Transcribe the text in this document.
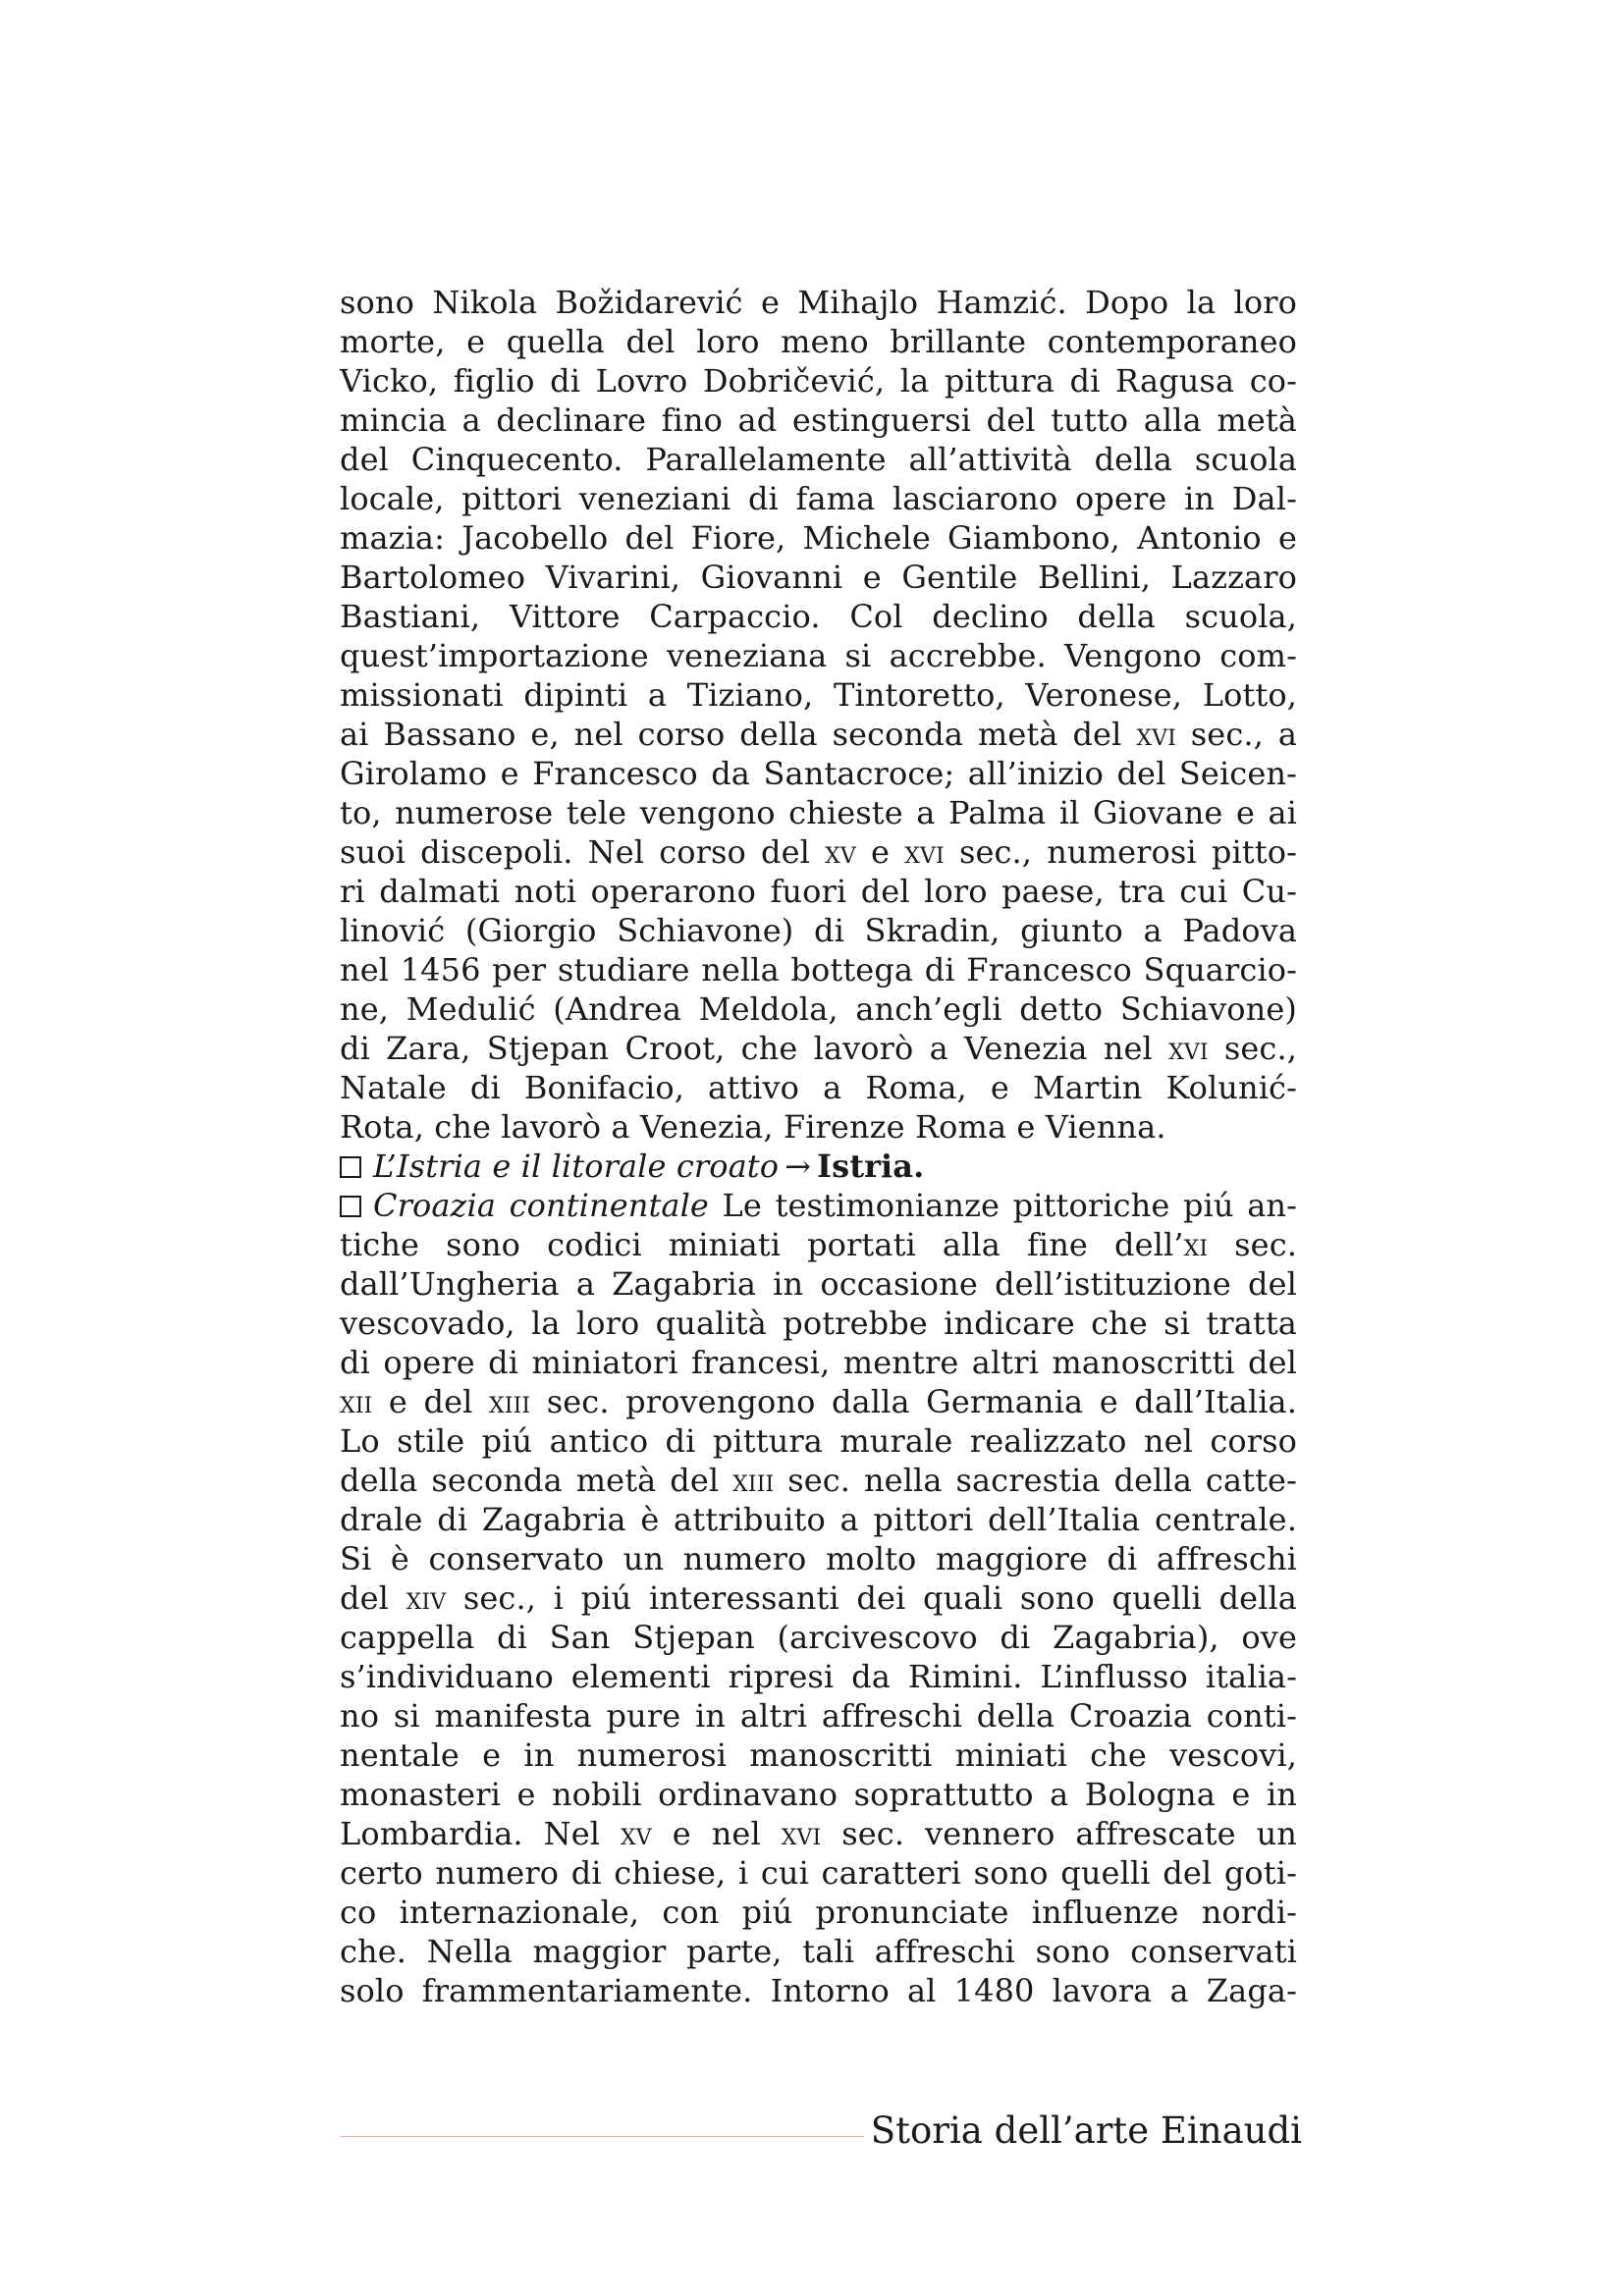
sono Nikola Božidarević e Mihajlo Hamzić. Dopo la loro
morte, e quella del loro meno brillante contemporaneo
Vicko, figlio di Lovro Dobričević, la pittura di Ragusa co-
mincia a declinare fino ad estinguersi del tutto alla metà
del Cinquecento. Parallelamente all’attività della scuola
locale, pittori veneziani di fama lasciarono opere in Dal-
mazia: Jacobello del Fiore, Michele Giambono, Antonio e
Bartolomeo Vivarini, Giovanni e Gentile Bellini, Lazzaro
Bastiani, Vittore Carpaccio. Col declino della scuola,
quest’importazione veneziana si accrebbe. Vengono com-
missionati dipinti a Tiziano, Tintoretto, Veronese, Lotto,
ai Bassano e, nel corso della seconda metà del xvi sec., a
Girolamo e Francesco da Santacroce; all’inizio del Seicen-
to, numerose tele vengono chieste a Palma il Giovane e ai
suoi discepoli. Nel corso del xv e xvi sec., numerosi pitto-
ri dalmati noti operarono fuori del loro paese, tra cui Cu-
linović (Giorgio Schiavone) di Skradin, giunto a Padova
nel 1456 per studiare nella bottega di Francesco Squarcio-
ne, Medulić (Andrea Meldola, anch’egli detto Schiavone)
di Zara, Stjepan Croot, che lavorò a Venezia nel xvi sec.,
Natale di Bonifacio, attivo a Roma, e Martin Kolunić-
Rota, che lavorò a Venezia, Firenze Roma e Vienna.
L’Istria e il litorale croato → Istria.
Croazia continentale Le testimonianze pittoriche piú an-
tiche sono codici miniati portati alla fine dell’xi sec.
dall’Ungheria a Zagabria in occasione dell’istituzione del
vescovado, la loro qualità potrebbe indicare che si tratta
di opere di miniatori francesi, mentre altri manoscritti del
xii e del xiii sec. provengono dalla Germania e dall’Italia.
Lo stile piú antico di pittura murale realizzato nel corso
della seconda metà del xiii sec. nella sacrestia della catte-
drale di Zagabria è attribuito a pittori dell’Italia centrale.
Si è conservato un numero molto maggiore di affreschi
del xiv sec., i piú interessanti dei quali sono quelli della
cappella di San Stjepan (arcivescovo di Zagabria), ove
s’individuano elementi ripresi da Rimini. L’influsso italia-
no si manifesta pure in altri affreschi della Croazia conti-
nentale e in numerosi manoscritti miniati che vescovi,
monasteri e nobili ordinavano soprattutto a Bologna e in
Lombardia. Nel xv e nel xvi sec. vennero affrescate un
certo numero di chiese, i cui caratteri sono quelli del goti-
co internazionale, con piú pronunciate influenze nordi-
che. Nella maggior parte, tali affreschi sono conservati
solo frammentariamente. Intorno al 1480 lavora a Zaga-
Storia dell’arte Einaudi
